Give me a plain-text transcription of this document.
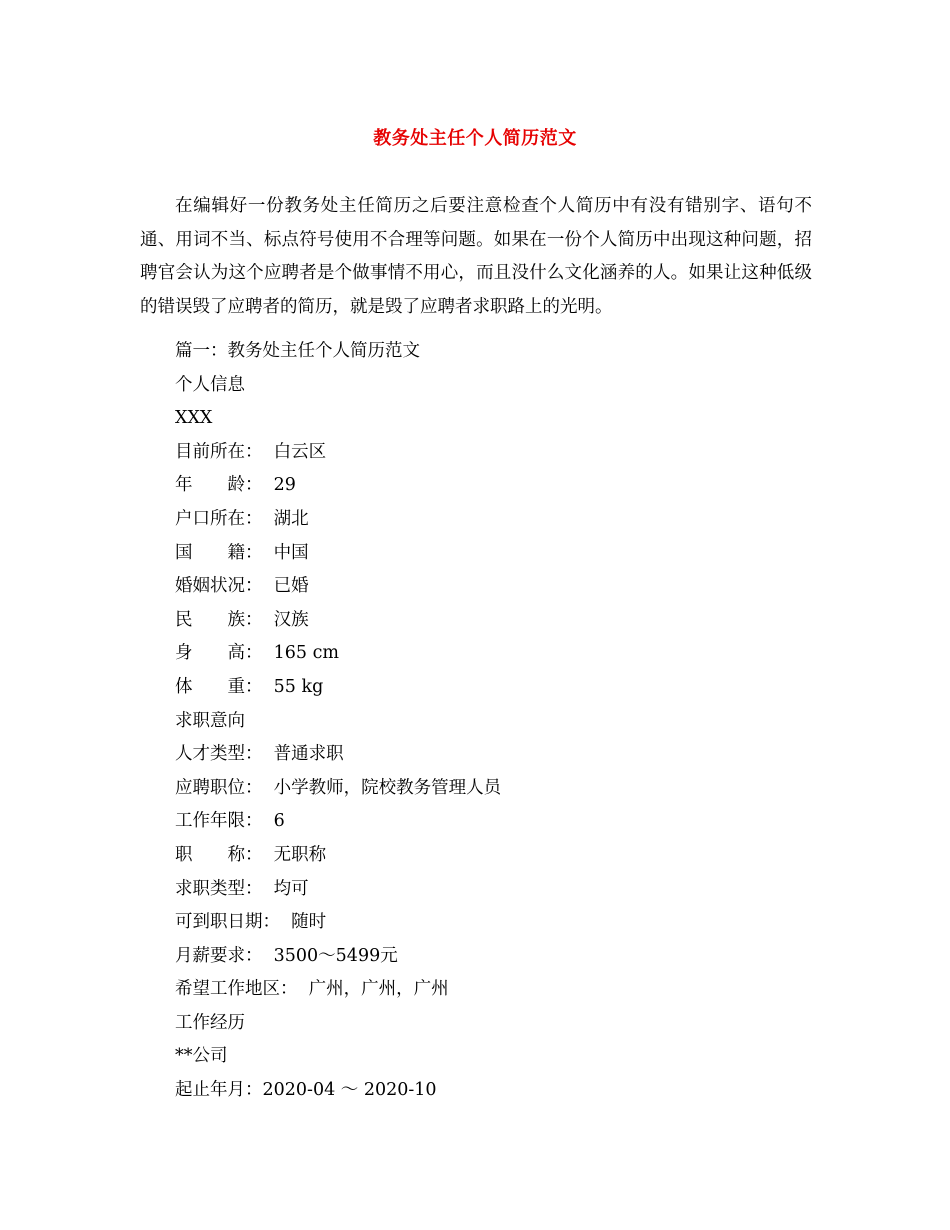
教务处主任个人简历范文

在编辑好一份教务处主任简历之后要注意检查个人简历中有没有错别字、语句不通、用词不当、标点符号使用不合理等问题。如果在一份个人简历中出现这种问题，招聘官会认为这个应聘者是个做事情不用心，而且没什么文化涵养的人。如果让这种低级的错误毁了应聘者的简历，就是毁了应聘者求职路上的光明。

篇一：教务处主任个人简历范文
个人信息
XXX
目前所在： 白云区
年　　龄： 29
户口所在： 湖北
国　　籍： 中国
婚姻状况： 已婚
民　　族： 汉族
身　　高： 165 cm
体　　重： 55 kg
求职意向
人才类型： 普通求职
应聘职位： 小学教师，院校教务管理人员
工作年限： 6
职　　称： 无职称
求职类型： 均可
可到职日期： 随时
月薪要求： 3500～5499元
希望工作地区： 广州，广州，广州
工作经历
**公司
起止年月：2020-04 ～ 2020-10
